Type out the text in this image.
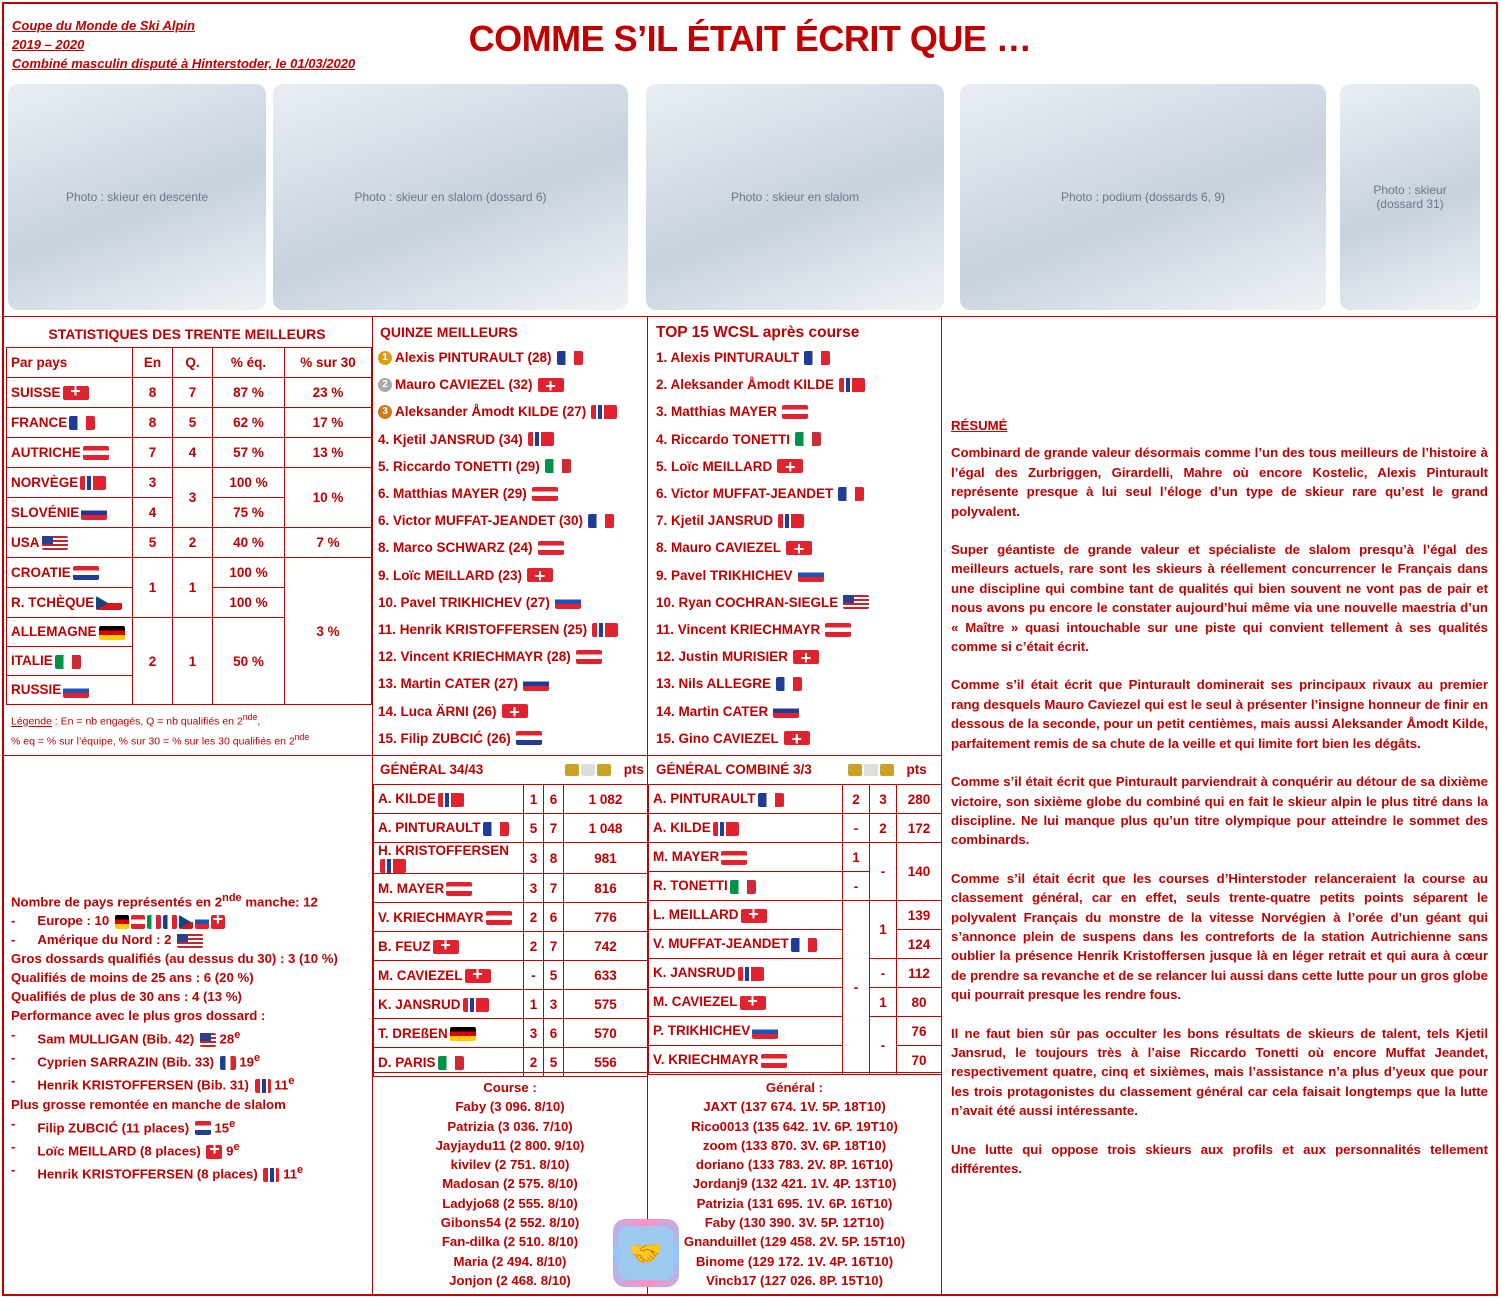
Coupe du Monde de Ski Alpin
2019 – 2020
Combiné masculin disputé à Hinterstoder, le 01/03/2020
COMME S’IL ÉTAIT ÉCRIT QUE …
Photo : skieur en descente	Photo : skieur en slalom (dossard 6)	Photo : skieur en slalom	Photo : podium (dossards 6, 9)	Photo : skieur (dossard 31)
STATISTIQUES DES TRENTE MEILLEURS
Par pays	En	Q.	% éq.	% sur 30
SUISSE+	8	7	87 %	23 %
FRANCE	8	5	62 %	17 %
AUTRICHE	7	4	57 %	13 %
NORVÈGE	3	3	100 %	10 %
SLOVÉNIE	4		75 %	
USA	5	2	40 %	7 %
CROATIE	1	1	100 %	3 %
R. TCHÈQUE			100 %	
ALLEMAGNE	2	1	50 %	
ITALIE				
RUSSIE				
Légende : En = nb engagés, Q = nb qualifiés en 2nde,
% eq = % sur l’équipe, % sur 30 = % sur les 30 qualifiés en 2nde
QUINZE MEILLEURS
1 Alexis PINTURAULT (28)
2 Mauro CAVIEZEL (32)
+
3 Aleksander Åmodt KILDE (27)
4. Kjetil JANSRUD (34)
5. Riccardo TONETTI (29)
6. Matthias MAYER (29)
6. Victor MUFFAT-JEANDET (30)
8. Marco SCHWARZ (24)
9. Loïc MEILLARD (23)
+
10. Pavel TRIKHICHEV (27)
11. Henrik KRISTOFFERSEN (25)
12. Vincent KRIECHMAYR (28)
13. Martin CATER (27)
14. Luca ÄRNI (26)
+
15. Filip ZUBCIĆ (26)
TOP 15 WCSL après course
1. Alexis PINTURAULT
2. Aleksander Åmodt KILDE
3. Matthias MAYER
4. Riccardo TONETTI
5. Loïc MEILLARD
+
6. Victor MUFFAT-JEANDET
7. Kjetil JANSRUD
8. Mauro CAVIEZEL
+
9. Pavel TRIKHICHEV
10. Ryan COCHRAN-SIEGLE
11. Vincent KRIECHMAYR
12. Justin MURISIER
+
13. Nils ALLEGRE
14. Martin CATER
15. Gino CAVIEZEL
+
RÉSUMÉ

Combinard de grande valeur désormais comme l’un des tous meilleurs de l’histoire à l’égal des Zurbriggen, Girardelli, Mahre où encore Kostelic, Alexis Pinturault représente presque à lui seul l’éloge d’un type de skieur rare qu’est le grand polyvalent.

Super géantiste de grande valeur et spécialiste de slalom presqu’à l’égal des meilleurs actuels, rare sont les skieurs à réellement concurrencer le Français dans une discipline qui combine tant de qualités qui bien souvent ne vont pas de pair et nous avons pu encore le constater aujourd’hui même via une nouvelle maestria d’un « Maître » quasi intouchable sur une piste qui convient tellement à ses qualités comme si c’était écrit.

Comme s’il était écrit que Pinturault dominerait ses principaux rivaux au premier rang desquels Mauro Caviezel qui est le seul à présenter l’insigne honneur de finir en dessous de la seconde, pour un petit centièmes, mais aussi Aleksander Åmodt Kilde, parfaitement remis de sa chute de la veille et qui limite fort bien les dégâts.

Comme s’il était écrit que Pinturault parviendrait à conquérir au détour de sa dixième victoire, son sixième globe du combiné qui en fait le skieur alpin le plus titré dans la discipline. Ne lui manque plus qu’un titre olympique pour atteindre le sommet des combinards.

Comme s’il était écrit que les courses d’Hinterstoder relanceraient la course au classement général, car en effet, seuls trente-quatre petits points séparent le polyvalent Français du monstre de la vitesse Norvégien à l’orée d’un géant qui s’annonce plein de suspens dans les contreforts de la station Autrichienne sans oublier la présence Henrik Kristoffersen jusque là en léger retrait et qui aura à cœur de prendre sa revanche et de se relancer lui aussi dans cette lutte pour un gros globe qui pourrait presque les rendre fous.

Il ne faut bien sûr pas occulter les bons résultats de skieurs de talent, tels Kjetil Jansrud, le toujours très à l’aise Riccardo Tonetti où encore Muffat Jeandet, respectivement quatre, cinq et sixièmes, mais l’assistance n’a plus d’yeux que pour les trois protagonistes du classement général car cela faisait longtemps que la lutte n’avait été aussi intéressante.

Une lutte qui oppose trois skieurs aux profils et aux personnalités tellement différentes.

Nombre de pays représentés en 2nde manche: 12
- Europe : 10 +
- Amérique du Nord : 2
Gros dossards qualifiés (au dessus du 30) : 3 (10 %)
Qualifiés de moins de 25 ans : 6 (20 %)
Qualifiés de plus de 30 ans : 4 (13 %)
Performance avec le plus gros dossard :
- Sam MULLIGAN (Bib. 42) 28e
- Cyprien SARRAZIN (Bib. 33) 19e
- Henrik KRISTOFFERSEN (Bib. 31) 11e
Plus grosse remontée en manche de slalom
- Filip ZUBCIĆ (11 places) 15e
- Loïc MEILLARD (8 places) + $9^e$
- Henrik KRISTOFFERSEN (8 places) 11e
GÉNÉRAL 34/43	pts
A. KILDE	1	6	1 082
A. PINTURAULT	5	7	1 048
H. KRISTOFFERSEN	3	8	981
M. MAYER	3	7	816
V. KRIECHMAYR	2	6	776
B. FEUZ+	2	7	742
M. CAVIEZEL+	-	5	633
K. JANSRUD	1	3	575
T. DREßEN	3	6	570
D. PARIS	2	5	556
GÉNÉRAL COMBINÉ 3/3	pts
A. PINTURAULT	2	3	280
A. KILDE	-	2	172
M. MAYER	1	-	140
R. TONETTI	-		
L. MEILLARD+	-	1	139
V. MUFFAT-JEANDET			124
K. JANSRUD		-	112
M. CAVIEZEL+		1	80
P. TRIKHICHEV		-	76
V. KRIECHMAYR			70
Course :
Faby (3 096. 8/10)
Patrizia (3 036. 7/10)
Jayjaydu11 (2 800. 9/10)
kivilev (2 751. 8/10)
Madosan (2 575. 8/10)
Ladyjo68 (2 555. 8/10)
Gibons54 (2 552. 8/10)
Fan-dilka (2 510. 8/10)
Maria (2 494. 8/10)
Jonjon (2 468. 8/10)
Général :
JAXT (137 674. 1V. 5P. 18T10)
Rico0013 (135 642. 1V. 6P. 19T10)
zoom (133 870. 3V. 6P. 18T10)
doriano (133 783. 2V. 8P. 16T10)
Jordanj9 (132 421. 1V. 4P. 13T10)
Patrizia (131 695. 1V. 6P. 16T10)
Faby (130 390. 3V. 5P. 12T10)
Gnanduillet (129 458. 2V. 5P. 15T10)
Binome (129 172. 1V. 4P. 16T10)
Vincb17 (127 026. 8P. 15T10)
🤝
